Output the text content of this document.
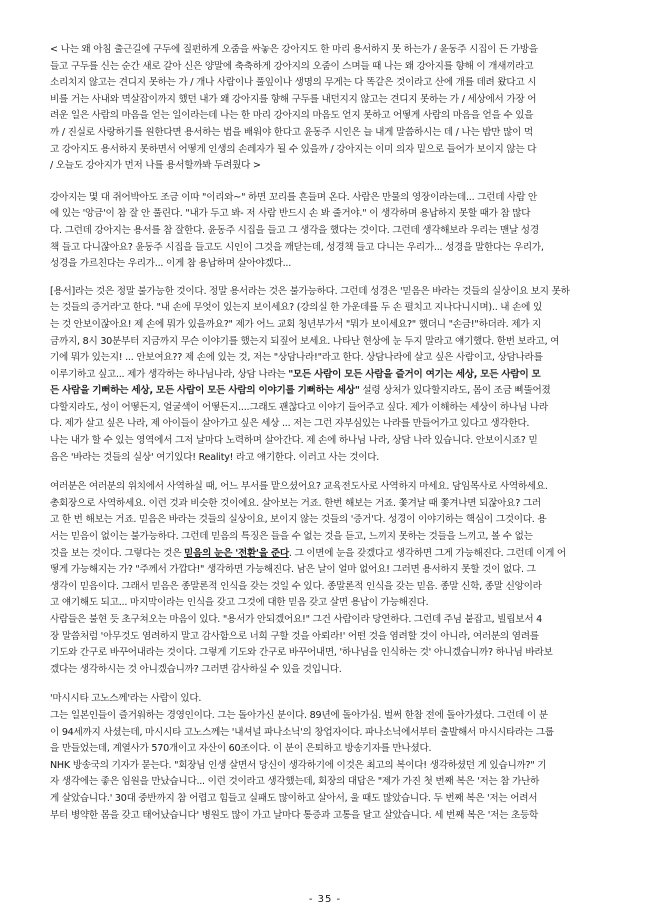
< 나는 왜 아침 출근길에 구두에 질펀하게 오줌을 싸놓은 강아지도 한 마리 용서하지 못 하는가 / 윤동주 시집이 든 가방을
들고 구두를 신는 순간 새로 갈아 신은 양말에 축축하게 강아지의 오줌이 스며들 때 나는 왜 강아지를 향해 이 개새끼라고
소리치지 않고는 견디지 못하는 가 / 개나 사람이나 풀잎이나 생명의 무게는 다 똑같은 것이라고 산에 개를 데려 왔다고 시
비를 거는 사내와 멱살잡이까지 했던 내가 왜 강아지를 향해 구두를 내던지지 않고는 견디지 못하는 가 / 세상에서 가장 어
려운 일은 사람의 마음을 얻는 일이라는데 나는 한 마리 강아지의 마음도 얻지 못하고 어떻게 사람의 마음을 얻을 수 있을
까 / 진실로 사랑하기를 원한다면 용서하는 법을 배워야 한다고 윤동주 시인은 늘 내게 말씀하시는 데 / 나는 밥만 많이 먹
고 강아지도 용서하지 못하면서 어떻게 인생의 손레자가 될 수 있을까 / 강아지는 이미 의자 밑으로 들어가 보이지 않는 다
/ 오늘도 강아지가 먼저 나를 용서할까봐 두려웠다 >

강아지는 몇 대 쥐어박아도 조금 이따 "이리와~" 하면 꼬리를 흔들며 온다. 사람은 만물의 영장이라는데... 그런데 사람 안
에 있는 '앙금'이 참 잘 안 풀린다. "내가 두고 봐- 저 사람 반드시 손 봐 줄거야." 이 생각하며 용납하지 못할 때가 참 많다
다. 그런데 강아지는 용서를 참 잘한다. 윤동주 시집을 들고 그 생각을 했다는 것이다. 그런데 생각해보라 우리는 맨날 성경
책 들고 다니잖아요? 윤동주 시집을 들고도 시인이 그것을 깨닫는데, 성경책 들고 다니는 우리가... 성경을 말한다는 우리가,
성경을 가르친다는 우리가... 이게 참 용납하며 살아야겠다...

[용서]라는 것은 정말 불가능한 것이다. 정말 용서라는 것은 불가능하다. 그런데 성경은 '믿음은 바라는 것들의 실상이요 보지 못하
는 것들의 증거라'고 한다. "내 손에 무엇이 있는지 보이세요? (강의실 한 가운데를 두 손 펼치고 지나다니시며).. 내 손에 있
는 것 안보이잖아요! 제 손에 뭐가 있을까요?" 제가 어느 교회 청년부가서 "뭐가 보이세요?" 했더니 "손금!"하더라. 제가 지
금까지, 8시 30분부터 지금까지 무슨 이야기를 했는지 되짚어 보세요. 나타난 현상에 눈 두지 말라고 얘기했다. 한번 보라고, 여
기에 뭐가 있는지! ... 안보여요?? 제 손에 있는 것, 저는 "상담나라!"라고 한다. 상담나라에 살고 싶은 사람이고, 상담나라를
이루기하고 싶고... 제가 생각하는 하나님나라, 상담 나라는 "모든 사람이 모든 사람을 즐거이 여기는 세상, 모든 사람이 모
든 사람을 기뻐하는 세상, 모든 사람이 모든 사람의 이야기를 기뻐하는 세상" 설령 상처가 있다할지라도, 몸이 조금 삐뚤어졌
다할지라도, 성이 어떻든지, 얼굴색이 어떻든지....그래도 괜찮다고 이야기 들어주고 싶다. 제가 이해하는 세상이 하나님 나라
다. 제가 살고 싶은 나라, 제 아이들이 살아가고 싶은 세상 ... 저는 그런 자부심있는 나라를 만들어가고 있다고 생각한다.
나는 내가 할 수 있는 영역에서 그저 날마다 노력하며 살아간다. 제 손에 하나님 나라, 상담 나라 있습니다. 안보이시죠? 믿
음은 '바라는 것들의 실상' 여기있다! Reality! 라고 얘기한다. 이러고 사는 것이다.

여러분은 여러분의 위치에서 사역하실 때, 어느 부서를 맡으셨어요? 교육전도사로 사역하지 마세요. 담임목사로 사역하세요.
총회장으로 사역하세요. 이런 것과 비슷한 것이에요. 살아보는 거죠. 한번 해보는 거죠. 쫓겨날 때 쫓겨나면 되잖아요? 그러
고 한 번 해보는 거죠. 믿음은 바라는 것들의 실상이요, 보이지 않는 것들의 '증거'다. 성경이 이야기하는 핵심이 그것이다. 용
서는 믿음이 없이는 불가능하다. 그런데 믿음의 특징은 들을 수 없는 것을 듣고, 느끼지 못하는 것들을 느끼고, 볼 수 없는
것을 보는 것이다. 그렇다는 것은 믿음의 눈은 '전환'을 준다. 그 이면에 눈을 갖겠다고 생각하면 그게 가능해진다. 그런데 이게 어
떻게 가능해지는 가? "주께서 가깝다!" 생각하면 가능해진다. 남은 날이 얼마 없어요! 그러면 용서하지 못할 것이 없다. 그
생각이 믿음이다. 그래서 믿음은 종말론적 인식을 갖는 것일 수 있다. 종말론적 인식을 갖는 믿음. 종말 신학, 종말 신앙이라
고 얘기해도 되고... 마지막이라는 인식을 갖고 그것에 대한 믿음 갖고 살면 용납이 가능해진다.
사람들은 불현 듯 초구쳐오는 마음이 있다. "용서가 안되겠어요!" 그건 사람이라 당연하다. 그런데 주님 붙잡고, 빌립보서 4
장 말씀처럼 '아무것도 염려하지 말고 감사함으로 너희 구할 것을 아뢰라!' 어떤 것을 염려할 것이 아니라, 여러분의 염려를
기도와 간구로 바꾸어내라는 것이다. 그렇게 기도와 간구로 바꾸어내면, '하나님을 인식하는 것' 아니겠습니까? 하나님 바라보
겠다는 생각하시는 것 아니겠습니까? 그러면 감사하실 수 있을 것입니다.

'마시시타 고노스께'라는 사람이 있다.
그는 일본인들이 즐거워하는 경영인이다. 그는 돌아가신 분이다. 89년에 돌아가심. 벌써 한참 전에 돌아가셨다. 그런데 이 분
이 94세까지 사셨는데, 마시시타 고노스께는 '내셔널 파나소닉'의 창업자이다. 파나소닉에서부터 출발해서 마시시타라는 그룹
을 만들었는데, 계열사가 570개이고 자산이 60조이다. 이 분이 은퇴하고 방송기자를 만나셨다.
NHK 방송국의 기자가 묻는다. "회장님 인생 살면서 당신이 생각하기에 이것은 최고의 복이다! 생각하셨던 게 있습니까?" 기
자 생각에는 좋은 임원을 만났습니다... 이런 것이라고 생각했는데, 회장의 대답은 "제가 가진 첫 번째 복은 '저는 참 가난하
게 살았습니다.' 30대 중반까지 참 어렵고 힘들고 실패도 많이하고 살아서, 울 때도 많았습니다. 두 번째 복은 '저는 어려서
부터 병약한 몸을 갖고 태어났습니다' 병원도 많이 가고 날마다 통증과 고통을 달고 살았습니다. 세 번째 복은 '저는 초등학

- 35 -
